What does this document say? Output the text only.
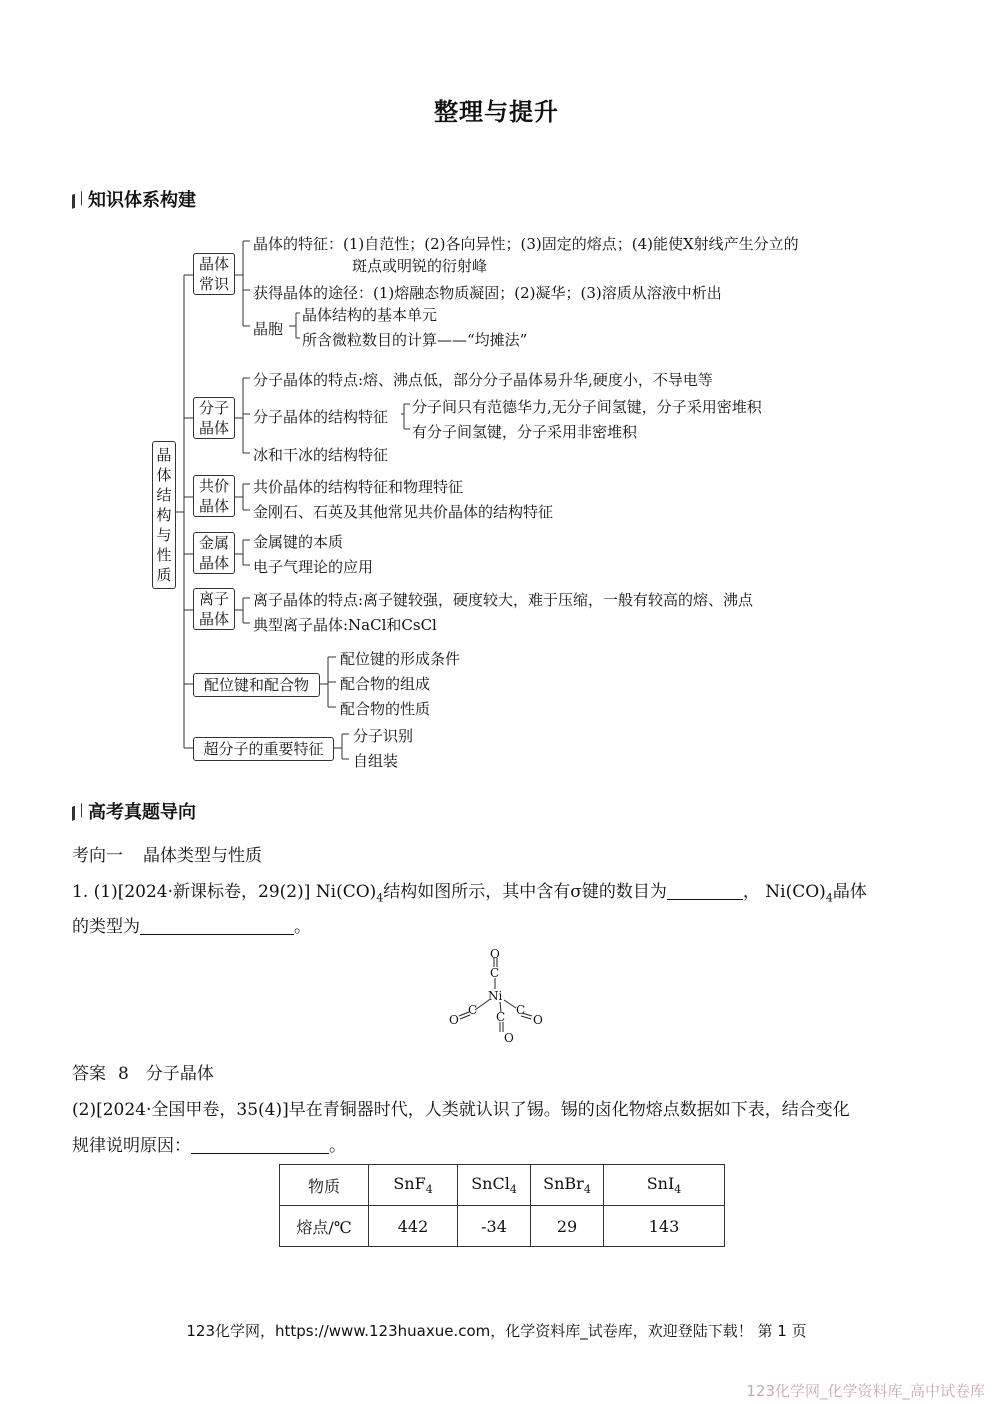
整理与提升
知识体系构建
晶
体
结
构
与
性
质
晶体
常识
晶体的特征：(1)自范性；(2)各向异性；(3)固定的熔点；(4)能使X射线产生分立的
斑点或明锐的衍射峰
获得晶体的途径：(1)熔融态物质凝固；(2)凝华；(3)溶质从溶液中析出
晶胞
晶体结构的基本单元
所含微粒数目的计算——“均摊法”
分子
晶体
分子晶体的特点:熔、沸点低，部分分子晶体易升华,硬度小，不导电等
分子晶体的结构特征
分子间只有范德华力,无分子间氢键，分子采用密堆积
有分子间氢键，分子采用非密堆积
冰和干冰的结构特征
共价
晶体
共价晶体的结构特征和物理特征
金刚石、石英及其他常见共价晶体的结构特征
金属
晶体
金属键的本质
电子气理论的应用
离子
晶体
离子晶体的特点:离子键较强，硬度较大，难于压缩，一般有较高的熔、沸点
典型离子晶体:NaCl和CsCl
配位键和配合物
配位键的形成条件
配合物的组成
配合物的性质
超分子的重要特征
分子识别
自组装
高考真题导向
考向一 晶体类型与性质
1. (1)[2024·新课标卷，29(2)] $Ni(CO)_4$结构如图所示，其中含有σ键的数目为	， $Ni(CO)_4$晶体
的类型为	。
O
C
Ni
C
O
C
O
C
O
答案 8　分子晶体
(2)[2024·全国甲卷，35(4)]早在青铜器时代，人类就认识了锡。锡的卤化物熔点数据如下表，结合变化
规律说明原因：	。
物质	SnF$_4$	SnCl$_4$	SnBr$_4$	SnI$_4$
熔点/℃	442	-34	29	143
123化学网，https://www.123huaxue.com，化学资料库_试卷库，欢迎登陆下载！ 第 1 页
123化学网_化学资料库_高中试卷库
